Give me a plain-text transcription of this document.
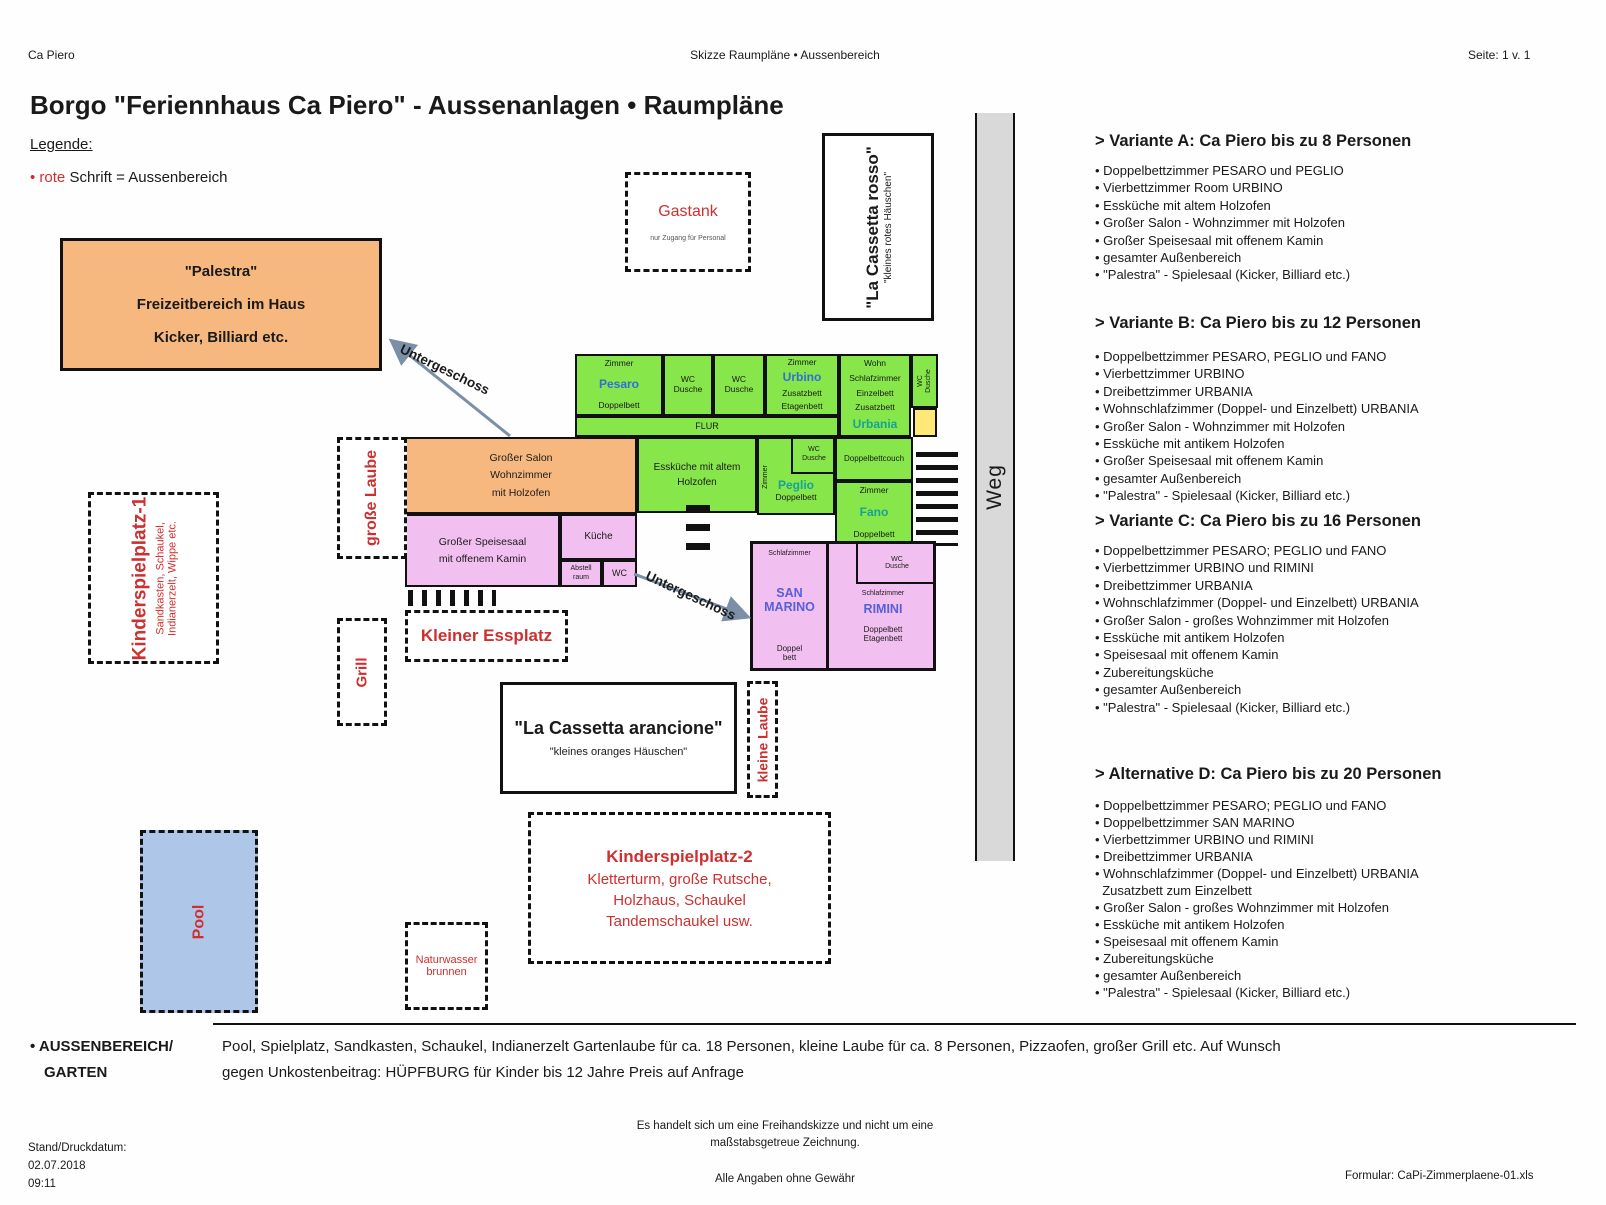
Ca Piero	Skizze Raumpläne • Aussenbereich	Seite: 1 v. 1
Borgo "Feriennhaus Ca Piero" - Aussenanlagen • Raumpläne
Legende:
• rote Schrift = Aussenbereich
> Variante A: Ca Piero bis zu 8 Personen
• Doppelbettzimmer PESARO und PEGLIO
• Vierbettzimmer Room URBINO
• Essküche mit altem Holzofen
• Großer Salon - Wohnzimmer mit Holzofen
• Großer Speisesaal mit offenem Kamin
• gesamter Außenbereich
• "Palestra" - Spielesaal (Kicker, Billiard etc.)
> Variante B: Ca Piero bis zu 12 Personen
• Doppelbettzimmer PESARO, PEGLIO und FANO
• Vierbettzimmer URBINO
• Dreibettzimmer URBANIA
• Wohnschlafzimmer (Doppel- und Einzelbett) URBANIA
• Großer Salon - Wohnzimmer mit Holzofen
• Essküche mit antikem Holzofen
• Großer Speisesaal mit offenem Kamin
• gesamter Außenbereich
• "Palestra" - Spielesaal (Kicker, Billiard etc.)
> Variante C: Ca Piero bis zu 16 Personen
• Doppelbettzimmer PESARO; PEGLIO und FANO
• Vierbettzimmer URBINO und RIMINI
• Dreibettzimmer URBANIA
• Wohnschlafzimmer (Doppel- und Einzelbett) URBANIA
• Großer Salon - großes Wohnzimmer mit Holzofen
• Essküche mit antikem Holzofen
• Speisesaal mit offenem Kamin
• Zubereitungsküche
• gesamter Außenbereich
• "Palestra" - Spielesaal (Kicker, Billiard etc.)
> Alternative D: Ca Piero bis zu 20 Personen
• Doppelbettzimmer PESARO; PEGLIO und FANO
• Doppelbettzimmer SAN MARINO
• Vierbettzimmer URBINO und RIMINI
• Dreibettzimmer URBANIA
• Wohnschlafzimmer (Doppel- und Einzelbett) URBANIA
Zusatzbett zum Einzelbett
• Großer Salon - großes Wohnzimmer mit Holzofen
• Essküche mit antikem Holzofen
• Speisesaal mit offenem Kamin
• Zubereitungsküche
• gesamter Außenbereich
• "Palestra" - Spielesaal (Kicker, Billiard etc.)
Weg
"Palestra"
Freizeitbereich im Haus
Kicker, Billiard etc.
Gastank
nur Zugang für Personal	"La Cassetta rosso" "kleines rotes Häuschen"
Untergeschoss	Zimmer
Pesaro
Doppelbett
WC
Dusche
WC
Dusche
Zimmer
Urbino
Zusatzbett
Etagenbett
Wohn
Schlafzimmer
Einzelbett
Zusatzbett
Urbania
WC Dusche
FLUR
Essküche mit altem
Holzofen	Zimmer
WC
Dusche
Peglio
Doppelbett
Doppelbettcouch
Zimmer
Fano
Doppelbett
Großer Salon
Wohnzimmer
mit Holzofen
Großer Speisesaal
mit offenem Kamin
Küche
Abstell
raum	WC
Schlafzimmer
SAN
MARINO
Doppel
bett
WC
Dusche
Schlafzimmer
RIMINI
Doppelbett
Etagenbett
Untergeschoss
Kinderspielplatz-1 Sandkasten, Schaukel, Indianerzelt, Wippe etc.
große Laube
Grill
Kleiner Essplatz
kleine Laube
"La Cassetta arancione"
"kleines oranges Häuschen"
Kinderspielplatz-2
Kletterturm, große Rutsche,
Holzhaus, Schaukel
Tandemschaukel usw.
Pool
Naturwasser
brunnen
• AUSSENBEREICH/
GARTEN
Pool, Spielplatz, Sandkasten, Schaukel, Indianerzelt Gartenlaube für ca. 18 Personen, kleine Laube für ca. 8 Personen, Pizzaofen, großer Grill etc. Auf Wunsch
gegen Unkostenbeitrag: HÜPFBURG für Kinder bis 12 Jahre Preis auf Anfrage
Stand/Druckdatum:
02.07.2018
09:11
Es handelt sich um eine Freihandskizze und nicht um eine
maßstabsgetreue Zeichnung.
Alle Angaben ohne Gewähr	Formular: CaPi-Zimmerplaene-01.xls
